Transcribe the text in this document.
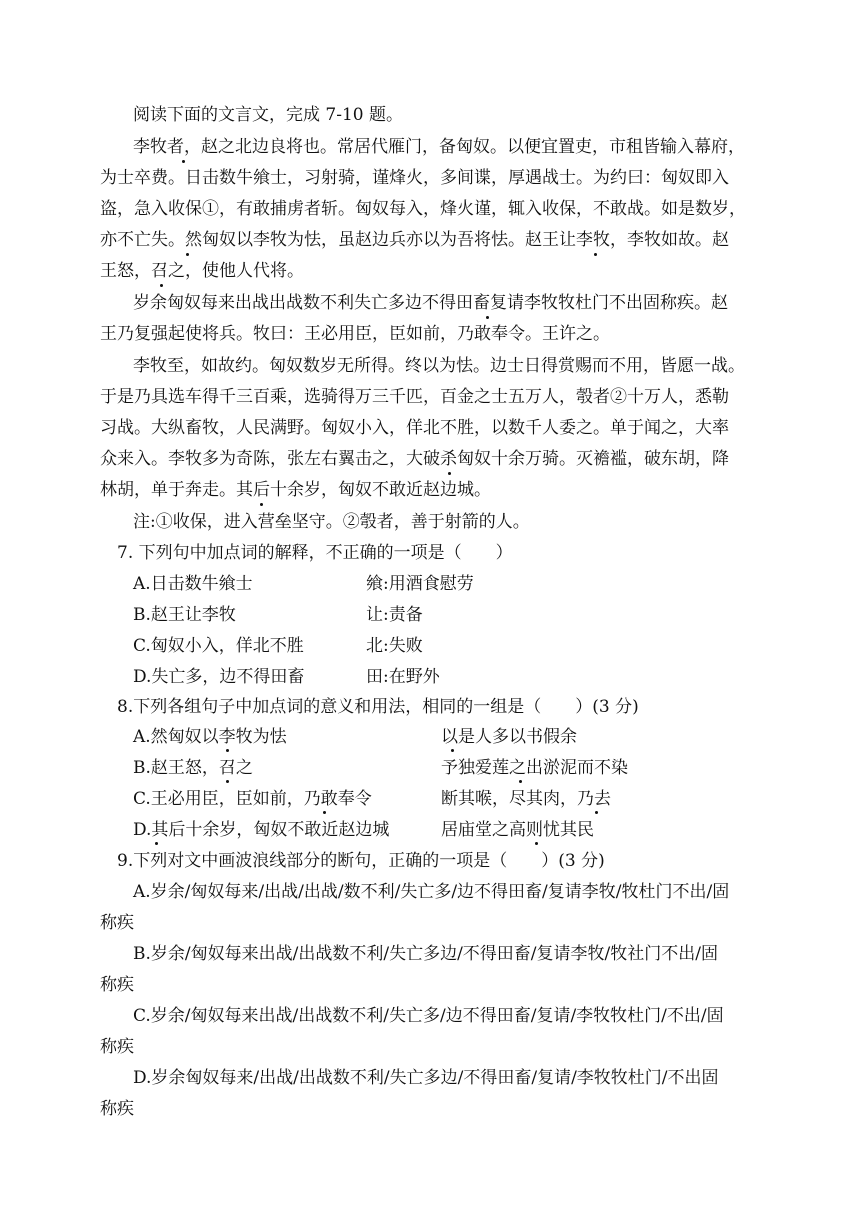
阅读下面的文言文，完成 7-10 题。
李牧者，赵之北边良将也。常居代雁门，备匈奴。以便宜置吏，市租皆输入幕府，
为士卒费。日击数牛飨士，习射骑，谨烽火，多间谍，厚遇战士。为约曰：匈奴即入
盗，急入收保①，有敢捕虏者斩。匈奴每入，烽火谨，辄入收保，不敢战。如是数岁，
亦不亡失。然匈奴以李牧为怯，虽赵边兵亦以为吾将怯。赵王让李牧，李牧如故。赵
王怒，召之，使他人代将。
岁余匈奴每来出战出战数不利失亡多边不得田畜复请李牧牧杜门不出固称疾。赵
王乃复强起使将兵。牧曰：王必用臣，臣如前，乃敢奉令。王许之。
李牧至，如故约。匈奴数岁无所得。终以为怯。边士日得赏赐而不用，皆愿一战。
于是乃具选车得千三百乘，选骑得万三千匹，百金之士五万人，彀者②十万人，悉勒
习战。大纵畜牧，人民满野。匈奴小入，佯北不胜，以数千人委之。单于闻之，大率
众来入。李牧多为奇陈，张左右翼击之，大破杀匈奴十余万骑。灭襜褴，破东胡，降
林胡，单于奔走。其后十余岁，匈奴不敢近赵边城。
注:①收保，进入营垒坚守。②彀者，善于射箭的人。
7. 下列句中加点词的解释，不正确的一项是（　　）
A.日击数牛飨士	飨:用酒食慰劳
B.赵王让李牧	让:责备
C.匈奴小入，佯北不胜	北:失败
D.失亡多，边不得田畜	田:在野外
8.下列各组句子中加点词的意义和用法，相同的一组是（　　）(3 分)
A.然匈奴以李牧为怯	以是人多以书假余
B.赵王怒，召之	予独爱莲之出淤泥而不染
C.王必用臣，臣如前，乃敢奉令	断其喉，尽其肉，乃去
D.其后十余岁，匈奴不敢近赵边城	居庙堂之高则忧其民
9.下列对文中画波浪线部分的断句，正确的一项是（　　）(3 分)
A.岁余/匈奴每来/出战/出战/数不利/失亡多/边不得田畜/复请李牧/牧杜门不出/固
称疾
B.岁余/匈奴每来出战/出战数不利/失亡多边/不得田畜/复请李牧/牧社门不出/固
称疾
C.岁余/匈奴每来出战/出战数不利/失亡多/边不得田畜/复请/李牧牧杜门/不出/固
称疾
D.岁余匈奴每来/出战/出战数不利/失亡多边/不得田畜/复请/李牧牧杜门/不出固
称疾
